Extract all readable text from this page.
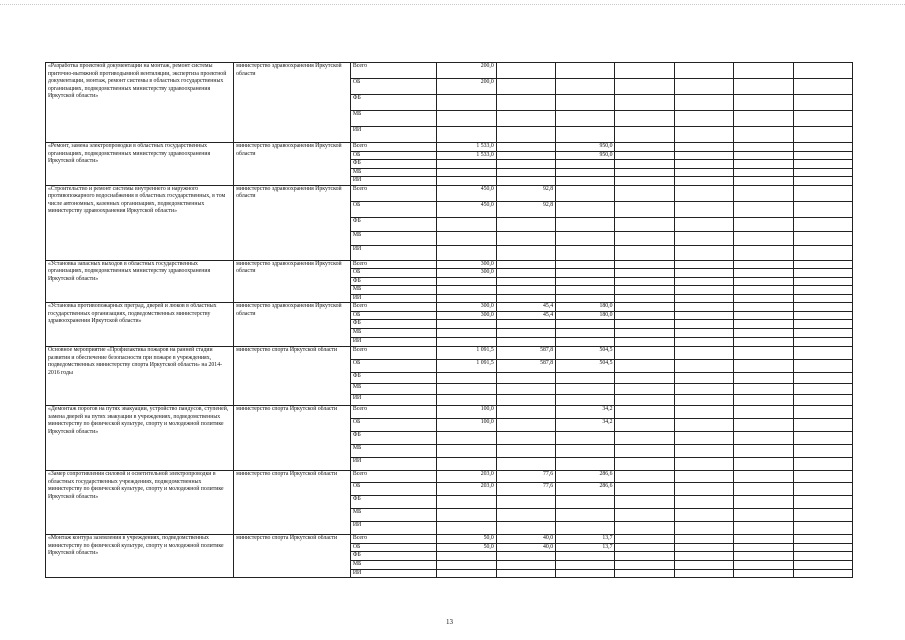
«Разработка проектной документации на монтаж, ремонт системы приточно-вытяжной противодымной вентиляции, экспертиза проектной документации, монтаж, ремонт системы в областных государственных организациях, подведомственных министерству здравоохранения Иркутской области»	министерство здравоохранения Иркутской области	Всего	200,0						
		ОБ	200,0						
		ФБ							
		МБ							
		ИИ							
«Ремонт, замена электропроводки в областных государственных организациях, подведомственных министерству здравоохранения Иркутской области»	министерство здравоохранения Иркутской области	Всего	1 533,0		950,0				
		ОБ	1 533,0		950,0				
		ФБ							
		МБ							
		ИИ							
«Строительство и ремонт системы внутреннего и наружного противопожарного водоснабжения в областных государственных, в том числе автономных, казенных организациях, подведомственных министерству здравоохранения Иркутской области»	министерство здравоохранения Иркутской области	Всего	450,0	92,8					
		ОБ	450,0	92,8					
		ФБ							
		МБ							
		ИИ							
«Установка запасных выходов в областных государственных организациях, подведомственных министерству здравоохранения Иркутской области»	министерство здравоохранения Иркутской области	Всего	300,0						
		ОБ	300,0						
		ФБ							
		МБ							
		ИИ							
«Установка противопожарных преград, дверей и люков в областных государственных организациях, подведомственных министерству здравоохранения Иркутской области»	министерство здравоохранения Иркутской области	Всего	300,0	45,4	180,0				
		ОБ	300,0	45,4	180,0				
		ФБ							
		МБ							
		ИИ							
Основное мероприятие «Профилактика пожаров на ранней стадии развития и обеспечение безопасности при пожаре в учреждениях, подведомственных министерству спорта Иркутской области» на 2014-2016 годы	министерство спорта Иркутской области	Всего	1 091,5	587,8	504,5				
		ОБ	1 091,5	587,8	504,5				
		ФБ							
		МБ							
		ИИ							
«Демонтаж порогов на путях эвакуации, устройство пандусов, ступеней, замена дверей на путях эвакуации в учреждениях, подведомственных министерству по физической культуре, спорту и молодежной политике Иркутской области»	министерство спорта Иркутской области	Всего	100,0		34,2				
		ОБ	100,0		34,2				
		ФБ							
		МБ							
		ИИ							
«Замер сопротивления силовой и осветительной электропроводки в областных государственных учреждениях, подведомственных министерству по физической культуре, спорту и молодежной политике Иркутской области»	министерство спорта Иркутской области	Всего	203,0	77,6	286,6				
		ОБ	203,0	77,6	286,6				
		ФБ							
		МБ							
		ИИ							
«Монтаж контура заземления в учреждениях, подведомственных министерству по физической культуре, спорту и молодежной политике Иркутской области»	министерство спорта Иркутской области	Всего	50,0	40,0	13,7				
		ОБ	50,0	40,0	13,7				
		ФБ							
		МБ							
		ИИ							
13
